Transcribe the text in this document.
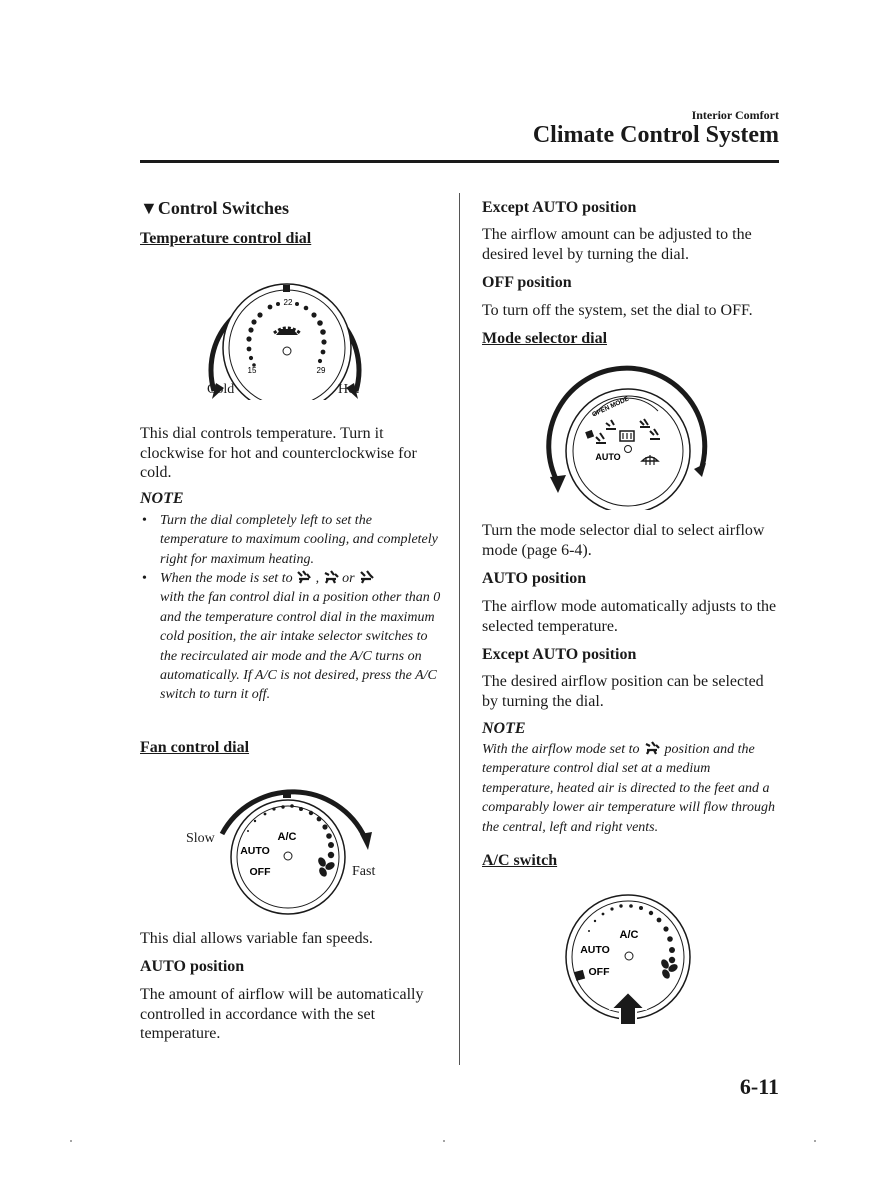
Interior Comfort
Climate Control System
▼Control Switches
Temperature control dial
22
15	29
Cold	Hot
This dial controls temperature. Turn it clockwise for hot and counterclockwise for cold.
NOTE
• Turn the dial completely left to set the temperature to maximum cooling, and completely right for maximum heating.
• When the mode is set to , or
with the fan control dial in a position other than 0 and the temperature control dial in the maximum cold position, the air intake selector switches to the recirculated air mode and the A/C turns on automatically. If A/C is not desired, press the A/C switch to turn it off.
Fan control dial
A/C
AUTO
OFF
Slow
Fast
This dial allows variable fan speeds.
AUTO position
The amount of airflow will be automatically controlled in accordance with the set temperature.
Except AUTO position
The airflow amount can be adjusted to the desired level by turning the dial.
OFF position
To turn off the system, set the dial to OFF.
Mode selector dial
OPEN MODE
AUTO
Turn the mode selector dial to select airflow mode (page 6-4).
AUTO position
The airflow mode automatically adjusts to the selected temperature.
Except AUTO position
The desired airflow position can be selected by turning the dial.
NOTE
With the airflow mode set to position and the temperature control dial set at a medium temperature, heated air is directed to the feet and a comparably lower air temperature will flow through the central, left and right vents.
A/C switch
A/C
AUTO
OFF
6-11
